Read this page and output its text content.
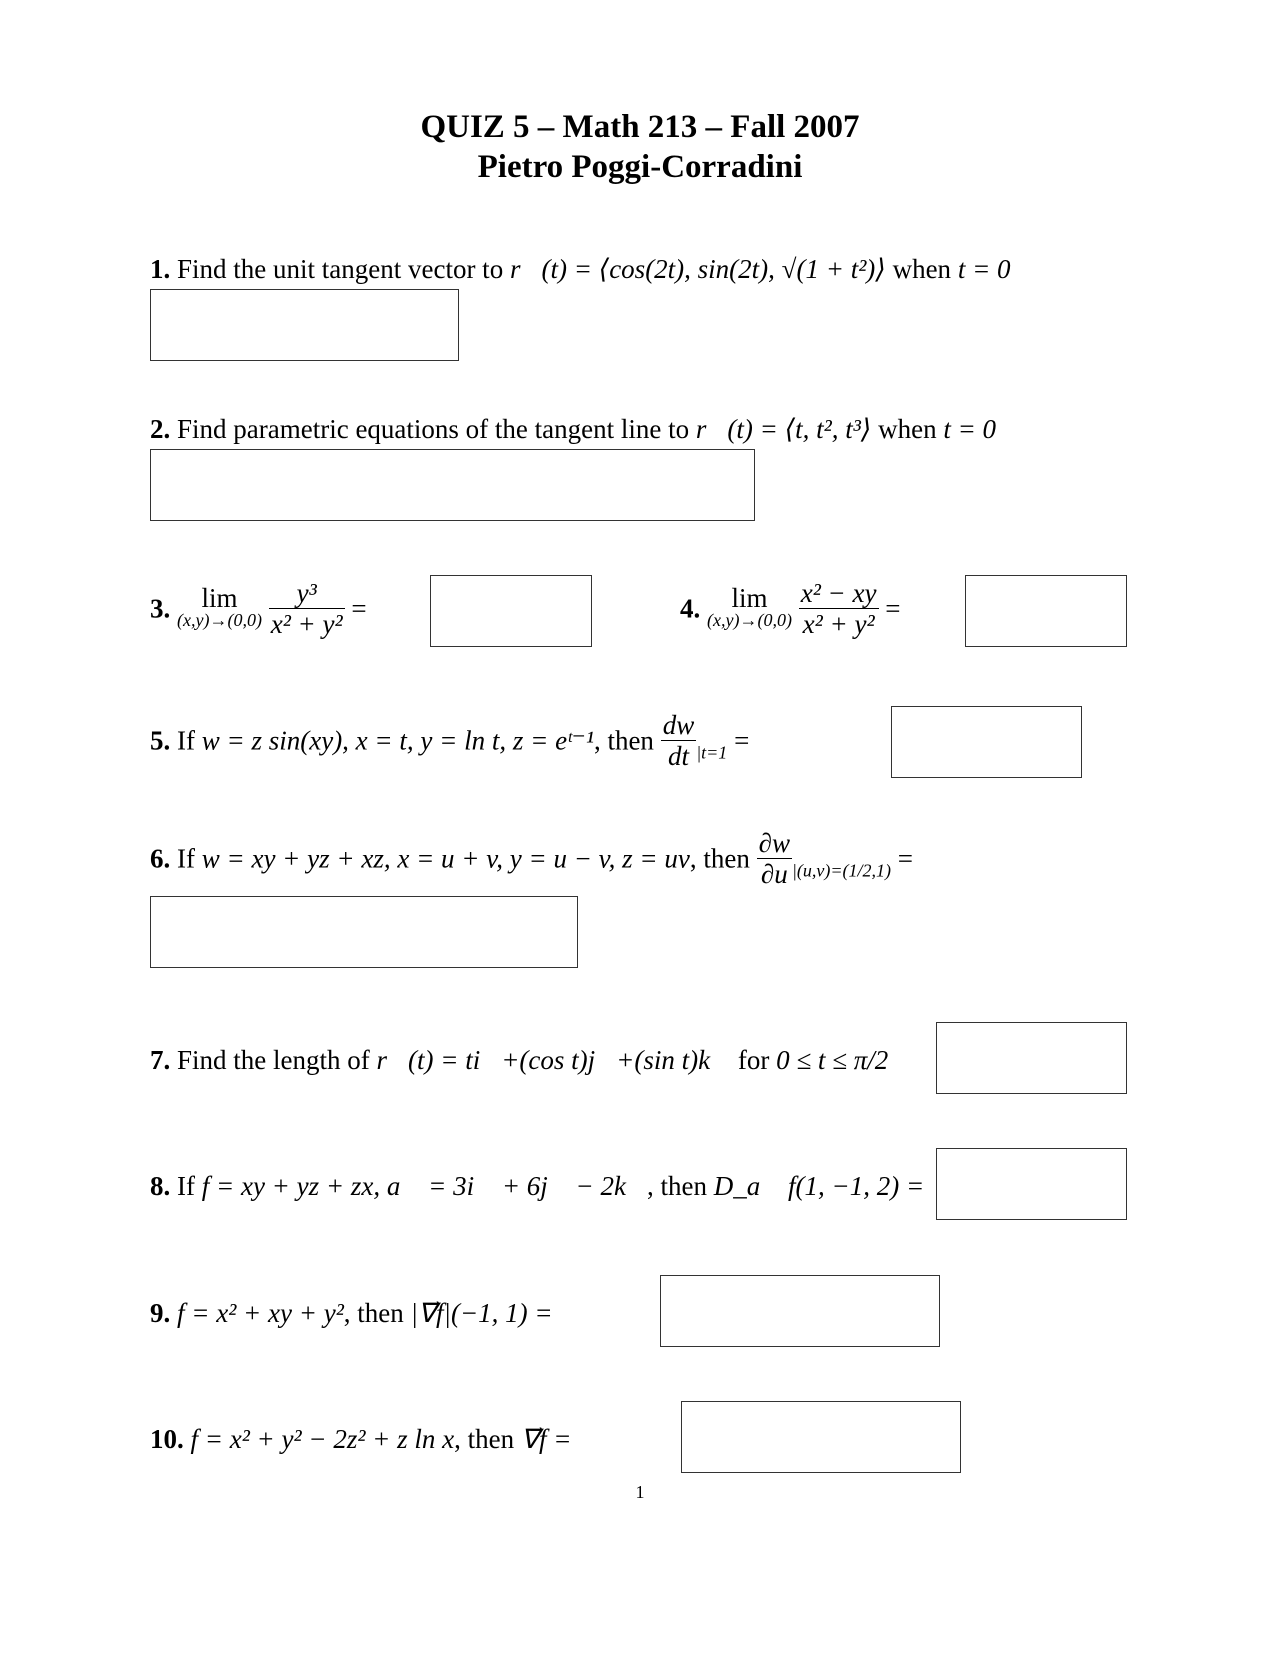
QUIZ 5 – Math 213 – Fall 2007
Pietro Poggi-Corradini
1. Find the unit tangent vector to r⃗(t) = ⟨cos(2t), sin(2t), √(1 + t²)⟩ when t = 0
2. Find parametric equations of the tangent line to r⃗(t) = ⟨t, t², t³⟩ when t = 0
3. lim
(x,y)→(0,0)
$\frac{\text{y³}}{\text{x² + y²}}$ =	4. lim
(x,y)→(0,0)
$\frac{\text{x² − xy}}{\text{x² + y²}}$ =
5. If w = z sin(xy), x = t, y = ln t, z = eᵗ⁻¹, then $\frac{dw}{dt} _{|t=1}$ =
6. If w = xy + yz + xz, x = u + v, y = u − v, z = uv, then $\frac{\partial w}{\partial u} _{|(u,v)=(1/2,1)}$ =
7. Find the length of r⃗(t) = ti⃗+(cos t)j⃗+(sin t)k⃗ for 0 ≤ t ≤ π/2
8. If f = xy + yz + zx, a⃗ = 3i⃗ + 6j⃗ − 2k⃗, then D_a⃗ f(1, −1, 2) =
9. f = x² + xy + y², then |∇⃗f|(−1, 1) =
10. f = x² + y² − 2z² + z ln x, then ∇⃗f =
1
